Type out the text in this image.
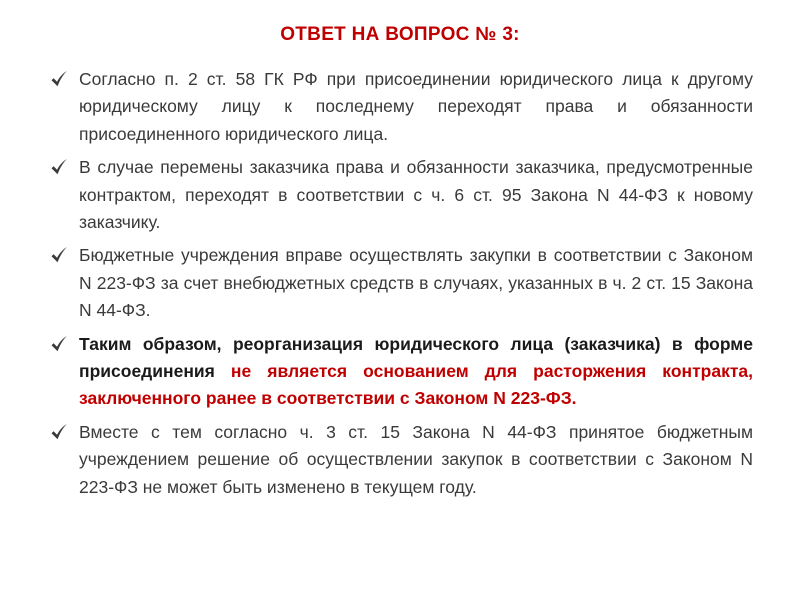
ОТВЕТ НА ВОПРОС № 3:
Согласно п. 2 ст. 58 ГК РФ при присоединении юридического лица к другому юридическому лицу к последнему переходят права и обязанности присоединенного юридического лица.
В случае перемены заказчика права и обязанности заказчика, предусмотренные контрактом, переходят в соответствии с ч. 6 ст. 95 Закона N 44-ФЗ к новому заказчику.
Бюджетные учреждения вправе осуществлять закупки в соответствии с Законом N 223-ФЗ за счет внебюджетных средств в случаях, указанных в ч. 2 ст. 15 Закона N 44-ФЗ.
Таким образом, реорганизация юридического лица (заказчика) в форме присоединения не является основанием для расторжения контракта, заключенного ранее в соответствии с Законом N 223-ФЗ.
Вместе с тем согласно ч. 3 ст. 15 Закона N 44-ФЗ принятое бюджетным учреждением решение об осуществлении закупок в соответствии с Законом N 223-ФЗ не может быть изменено в текущем году.
